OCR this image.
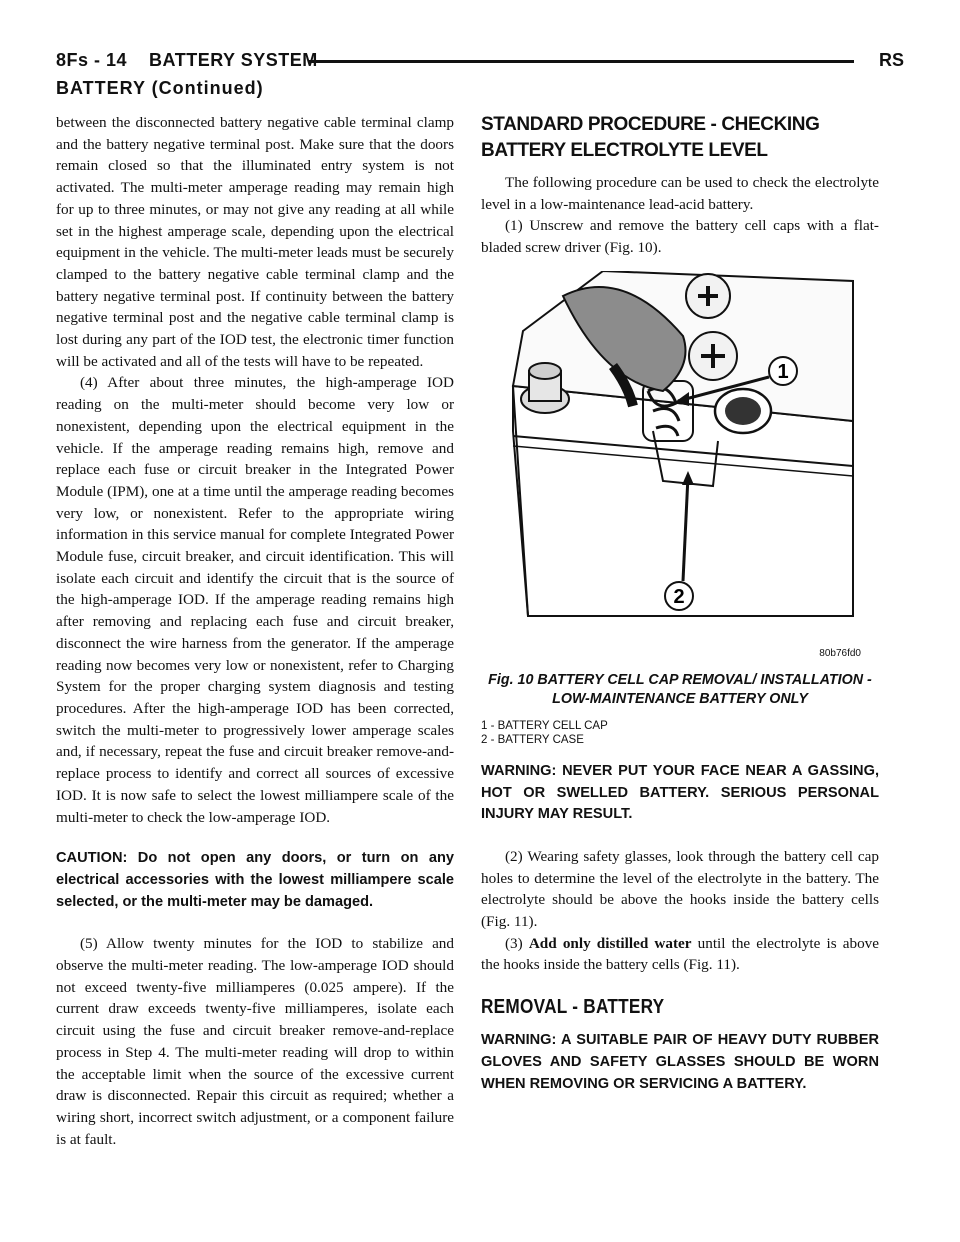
8Fs - 14    BATTERY SYSTEM	RS
BATTERY (Continued)

between the disconnected battery negative cable terminal clamp and the battery negative terminal post. Make sure that the doors remain closed so that the illuminated entry system is not activated. The multi-meter amperage reading may remain high for up to three minutes, or may not give any reading at all while set in the highest amperage scale, depending upon the electrical equipment in the vehicle. The multi-meter leads must be securely clamped to the battery negative cable terminal clamp and the battery negative terminal post. If continuity between the battery negative terminal post and the negative cable terminal clamp is lost during any part of the IOD test, the electronic timer function will be activated and all of the tests will have to be repeated.

(4) After about three minutes, the high-amperage IOD reading on the multi-meter should become very low or nonexistent, depending upon the electrical equipment in the vehicle. If the amperage reading remains high, remove and replace each fuse or circuit breaker in the Integrated Power Module (IPM), one at a time until the amperage reading becomes very low, or nonexistent. Refer to the appropriate wiring information in this service manual for complete Integrated Power Module fuse, circuit breaker, and circuit identification. This will isolate each circuit and identify the circuit that is the source of the high-amperage IOD. If the amperage reading remains high after removing and replacing each fuse and circuit breaker, disconnect the wire harness from the generator. If the amperage reading now becomes very low or nonexistent, refer to Charging System for the proper charging system diagnosis and testing procedures. After the high-amperage IOD has been corrected, switch the multi-meter to progressively lower amperage scales and, if necessary, repeat the fuse and circuit breaker remove-and-replace process to identify and correct all sources of excessive IOD. It is now safe to select the lowest milliampere scale of the multi-meter to check the low-amperage IOD.

CAUTION: Do not open any doors, or turn on any electrical accessories with the lowest milliampere scale selected, or the multi-meter may be damaged.

(5) Allow twenty minutes for the IOD to stabilize and observe the multi-meter reading. The low-amperage IOD should not exceed twenty-five milliamperes (0.025 ampere). If the current draw exceeds twenty-five milliamperes, isolate each circuit using the fuse and circuit breaker remove-and-replace process in Step 4. The multi-meter reading will drop to within the acceptable limit when the source of the excessive current draw is disconnected. Repair this circuit as required; whether a wiring short, incorrect switch adjustment, or a component failure is at fault.

STANDARD PROCEDURE - CHECKING BATTERY ELECTROLYTE LEVEL

The following procedure can be used to check the electrolyte level in a low-maintenance lead-acid battery.

(1) Unscrew and remove the battery cell caps with a flat-bladed screw driver (Fig. 10).

1
2
80b76fd0
Fig. 10 BATTERY CELL CAP REMOVAL/ INSTALLATION - LOW-MAINTENANCE BATTERY ONLY
1 - BATTERY CELL CAP
2 - BATTERY CASE
WARNING: NEVER PUT YOUR FACE NEAR A GASSING, HOT OR SWELLED BATTERY. SERIOUS PERSONAL INJURY MAY RESULT.

(2) Wearing safety glasses, look through the battery cell cap holes to determine the level of the electrolyte in the battery. The electrolyte should be above the hooks inside the battery cells (Fig. 11).

(3) Add only distilled water until the electrolyte is above the hooks inside the battery cells (Fig. 11).

REMOVAL - BATTERY
WARNING: A SUITABLE PAIR OF HEAVY DUTY RUBBER GLOVES AND SAFETY GLASSES SHOULD BE WORN WHEN REMOVING OR SERVICING A BATTERY.
